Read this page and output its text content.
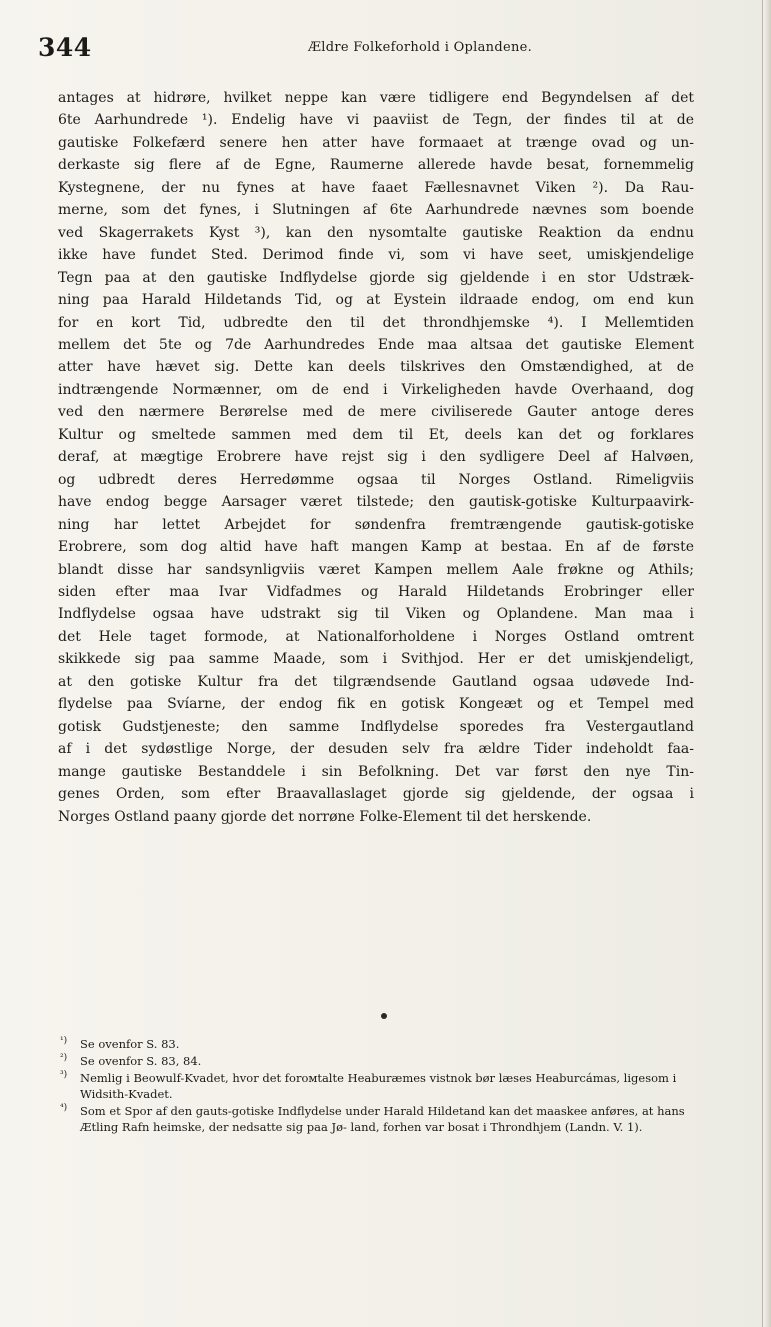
344	Ældre Folkeforhold i Oplandene.
antages at hidrøre, hvilket neppe kan være tidligere end Begyndelsen af det
6te Aarhundrede ¹). Endelig have vi paaviist de Tegn, der findes til at de
gautiske Folkefærd senere hen atter have formaaet at trænge ovad og un-
derkaste sig flere af de Egne, Raumerne allerede havde besat, fornemmelig
Kystegnene, der nu fynes at have faaet Fællesnavnet Viken ²). Da Rau-
merne, som det fynes, i Slutningen af 6te Aarhundrede nævnes som boende
ved Skagerrakets Kyst ³), kan den nysomtalte gautiske Reaktion da endnu
ikke have fundet Sted. Derimod finde vi, som vi have seet, umiskjendelige
Tegn paa at den gautiske Indflydelse gjorde sig gjeldende i en stor Udstræk-
ning paa Harald Hildetands Tid, og at Eystein ildraade endog, om end kun
for en kort Tid, udbredte den til det throndhjemske ⁴). I Mellemtiden
mellem det 5te og 7de Aarhundredes Ende maa altsaa det gautiske Element
atter have hævet sig. Dette kan deels tilskrives den Omstændighed, at de
indtrængende Normænner, om de end i Virkeligheden havde Overhaand, dog
ved den nærmere Berørelse med de mere civiliserede Gauter antoge deres
Kultur og smeltede sammen med dem til Et, deels kan det og forklares
deraf, at mægtige Erobrere have rejst sig i den sydligere Deel af Halvøen,
og udbredt deres Herredømme ogsaa til Norges Ostland. Rimeligviis
have endog begge Aarsager været tilstede; den gautisk-gotiske Kulturpaavirk-
ning har lettet Arbejdet for søndenfra fremtrængende gautisk-gotiske
Erobrere, som dog altid have haft mangen Kamp at bestaa. En af de første
blandt disse har sandsynligviis været Kampen mellem Aale frøkne og Athils;
siden efter maa Ivar Vidfadmes og Harald Hildetands Erobringer eller
Indflydelse ogsaa have udstrakt sig til Viken og Oplandene. Man maa i
det Hele taget formode, at Nationalforholdene i Norges Ostland omtrent
skikkede sig paa samme Maade, som i Svithjod. Her er det umiskjendeligt,
at den gotiske Kultur fra det tilgrændsende Gautland ogsaa udøvede Ind-
flydelse paa Svíarne, der endog fik en gotisk Kongeæt og et Tempel med
gotisk Gudstjeneste; den samme Indflydelse sporedes fra Vestergautland
af i det sydøstlige Norge, der desuden selv fra ældre Tider indeholdt faa-
mange gautiske Bestanddele i sin Befolkning. Det var først den nye Tin-
genes Orden, som efter Braavallaslaget gjorde sig gjeldende, der ogsaa i
Norges Ostland paany gjorde det norrøne Folke-Element til det herskende.
¹) Se ovenfor S. 83.
²) Se ovenfor S. 83, 84.
³) Nemlig i Beowulf-Kvadet, hvor det forомtalte Heaburæmes vistnok bør læses Heaburcámas, ligesom i Widsith-Kvadet.
⁴) Som et Spor af den gauts-gotiske Indflydelse under Harald Hildetand kan det maaskee anføres, at hans Ætling Rafn heimske, der nedsatte sig paa Jø- land, forhen var bosat i Throndhjem (Landn. V. 1).
